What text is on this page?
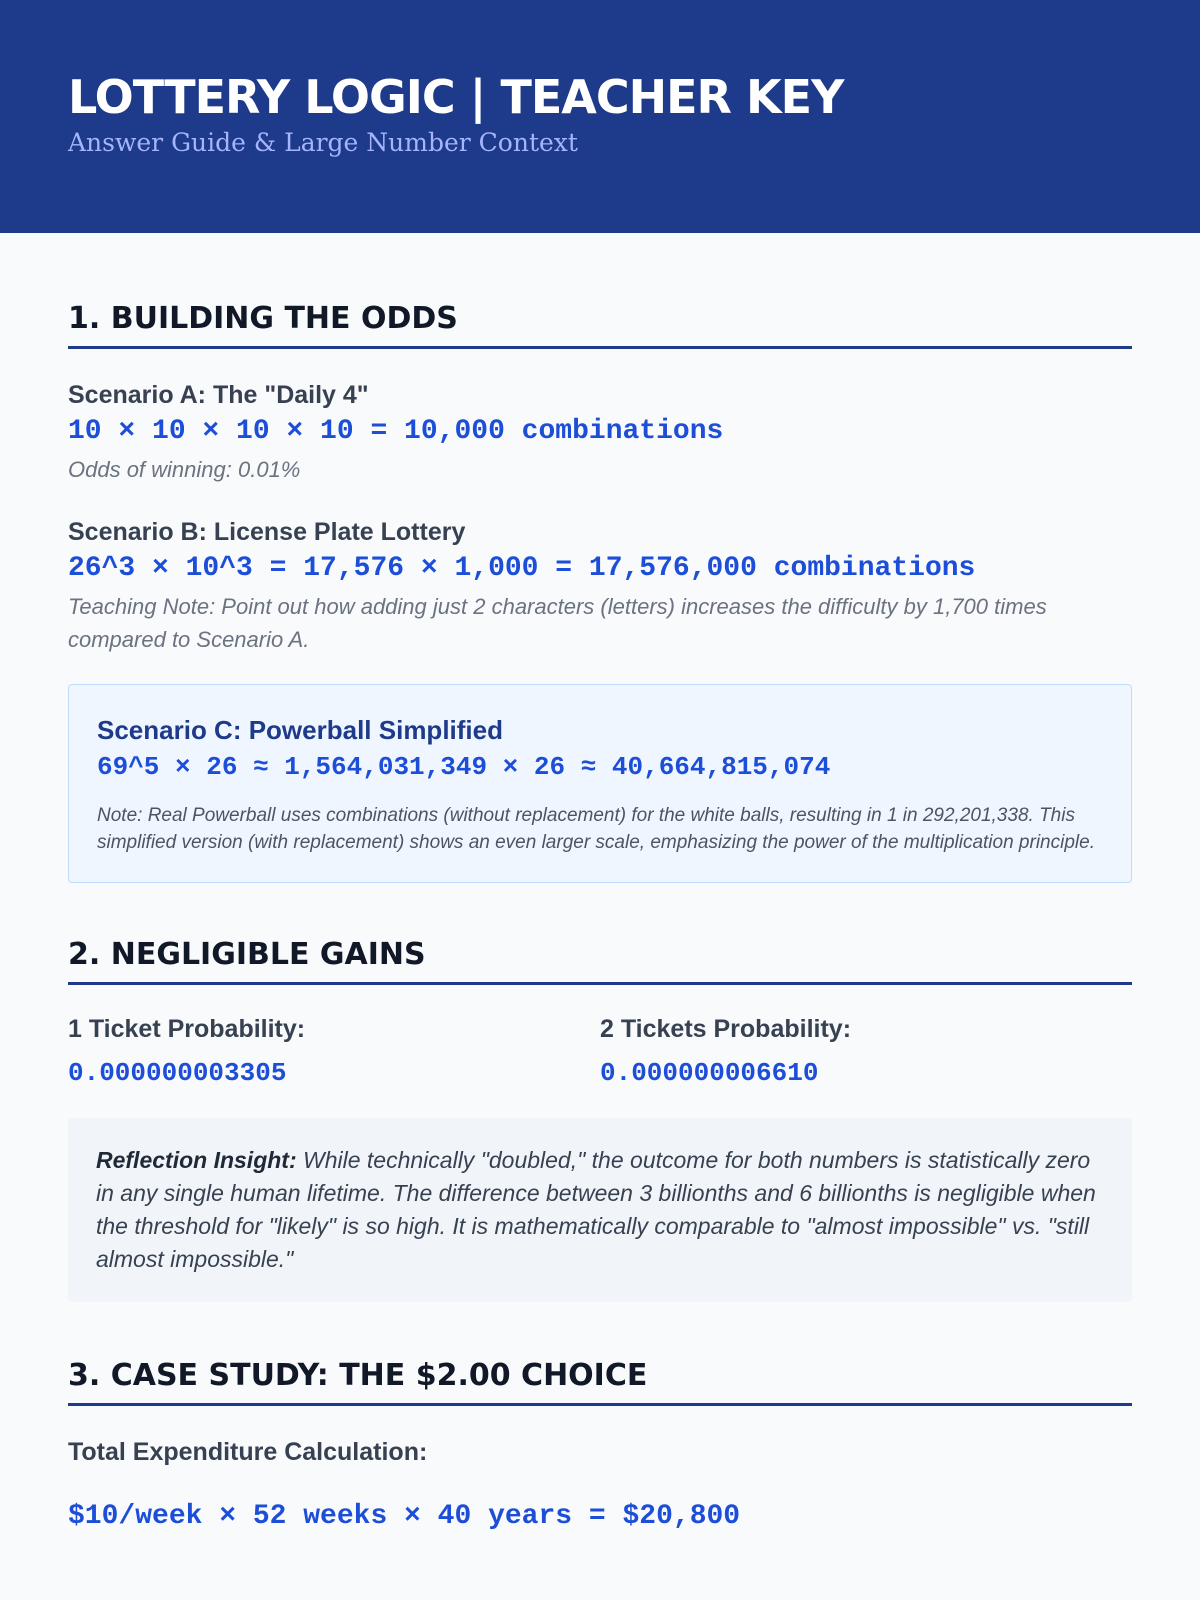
LOTTERY LOGIC | TEACHER KEY
Answer Guide & Large Number Context
1. BUILDING THE ODDS
Scenario A: The "Daily 4"
10 × 10 × 10 × 10 = 10,000 combinations
Odds of winning: 0.01%
Scenario B: License Plate Lottery
26^3 × 10^3 = 17,576 × 1,000 = 17,576,000 combinations
Teaching Note: Point out how adding just 2 characters (letters) increases the difficulty by 1,700 times compared to Scenario A.
Scenario C: Powerball Simplified
69^5 × 26 ≈ 1,564,031,349 × 26 ≈ 40,664,815,074
Note: Real Powerball uses combinations (without replacement) for the white balls, resulting in 1 in 292,201,338. This simplified version (with replacement) shows an even larger scale, emphasizing the power of the multiplication principle.
2. NEGLIGIBLE GAINS
1 Ticket Probability:
0.000000003305
2 Tickets Probability:
0.000000006610
Reflection Insight: While technically "doubled," the outcome for both numbers is statistically zero in any single human lifetime. The difference between 3 billionths and 6 billionths is negligible when the threshold for "likely" is so high. It is mathematically comparable to "almost impossible" vs. "still almost impossible."
3. CASE STUDY: THE $2.00 CHOICE
Total Expenditure Calculation:
$10/week × 52 weeks × 40 years = $20,800
